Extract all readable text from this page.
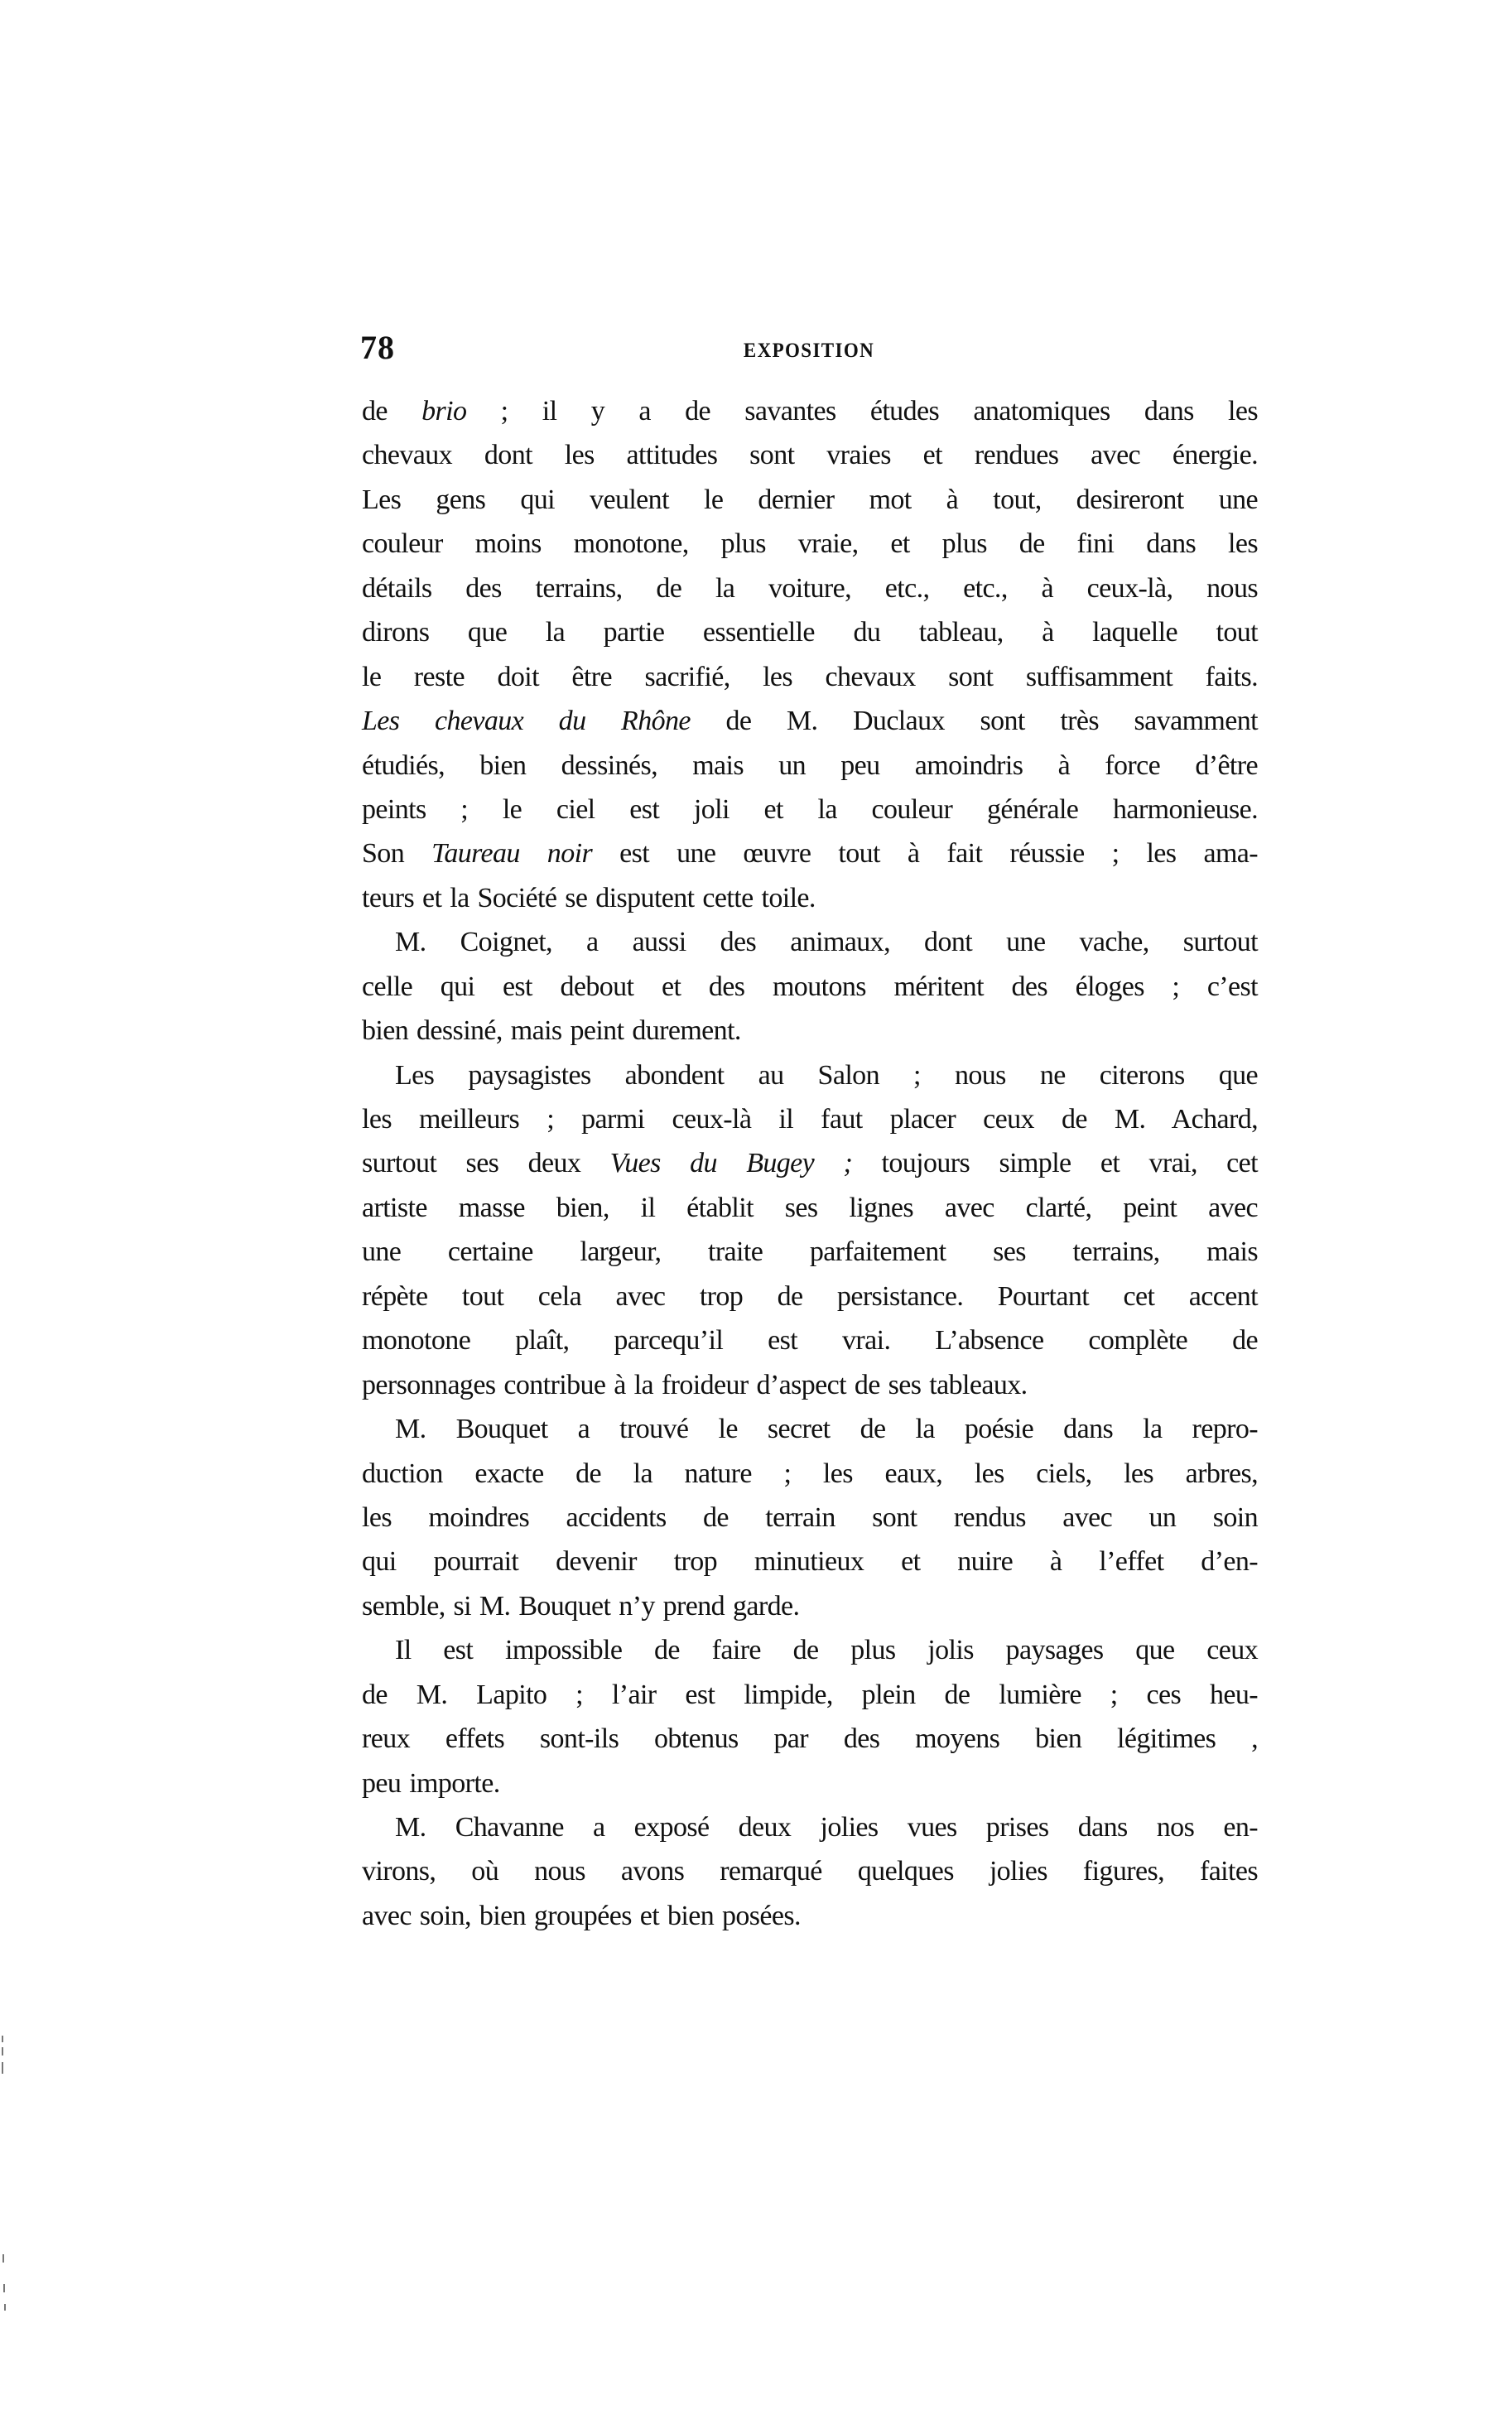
78	EXPOSITION
de brio ; il y a de savantes études anatomiques dans les
chevaux dont les attitudes sont vraies et rendues avec énergie.
Les gens qui veulent le dernier mot à tout, desireront une
couleur moins monotone, plus vraie, et plus de fini dans les
détails des terrains, de la voiture, etc., etc., à ceux-là, nous
dirons que la partie essentielle du tableau, à laquelle tout
le reste doit être sacrifié, les chevaux sont suffisamment faits.
Les chevaux du Rhône de M. Duclaux sont très savamment
étudiés, bien dessinés, mais un peu amoindris à force d’être
peints ; le ciel est joli et la couleur générale harmonieuse.
Son Taureau noir est une œuvre tout à fait réussie ; les ama-
teurs et la Société se disputent cette toile.
M. Coignet, a aussi des animaux, dont une vache, surtout
celle qui est debout et des moutons méritent des éloges ; c’est
bien dessiné, mais peint durement.
Les paysagistes abondent au Salon ; nous ne citerons que
les meilleurs ; parmi ceux-là il faut placer ceux de M. Achard,
surtout ses deux Vues du Bugey ; toujours simple et vrai, cet
artiste masse bien, il établit ses lignes avec clarté, peint avec
une certaine largeur, traite parfaitement ses terrains, mais
répète tout cela avec trop de persistance. Pourtant cet accent
monotone plaît, parcequ’il est vrai. L’absence complète de
personnages contribue à la froideur d’aspect de ses tableaux.
M. Bouquet a trouvé le secret de la poésie dans la repro-
duction exacte de la nature ; les eaux, les ciels, les arbres,
les moindres accidents de terrain sont rendus avec un soin
qui pourrait devenir trop minutieux et nuire à l’effet d’en-
semble, si M. Bouquet n’y prend garde.
Il est impossible de faire de plus jolis paysages que ceux
de M. Lapito ; l’air est limpide, plein de lumière ; ces heu-
reux effets sont-ils obtenus par des moyens bien légitimes ,
peu importe.
M. Chavanne a exposé deux jolies vues prises dans nos en-
virons, où nous avons remarqué quelques jolies figures, faites
avec soin, bien groupées et bien posées.
